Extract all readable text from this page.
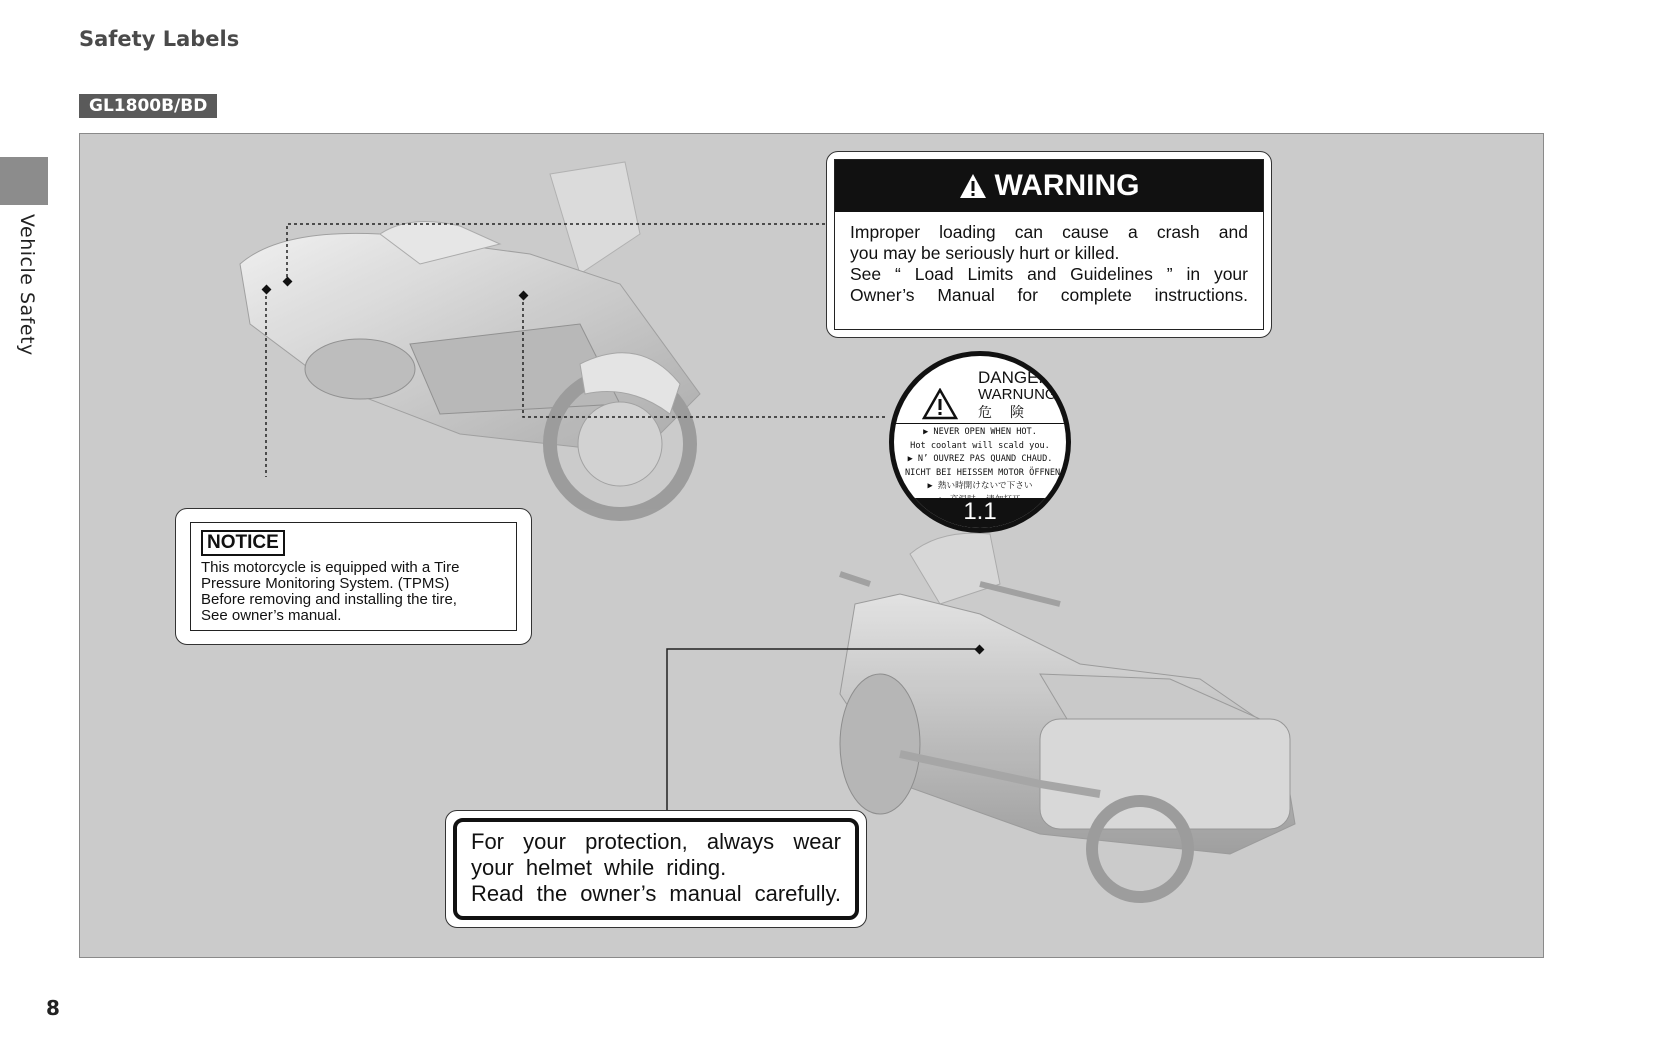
Safety Labels
GL1800B/BD
Vehicle Safety
8
WARNING
Improper loading can cause a crash and
you may be seriously hurt or killed.
See “ Load Limits and Guidelines ” in your
Owner’s Manual for complete instructions.
DANGER
WARNUNG
危険
▶ NEVER OPEN WHEN HOT.
Hot coolant will scald you.
▶ N’ OUVREZ PAS QUAND CHAUD.
▶ NICHT BEI HEISSEM MOTOR ÖFFNEN.
▶ 熱い時開けないで下さい
1.1
NOTICE
This motorcycle is equipped with a Tire
Pressure Monitoring System. (TPMS)
Before removing and installing the tire,
See owner’s manual.
For your protection, always wear
your helmet while riding.
Read the owner’s manual carefully.
